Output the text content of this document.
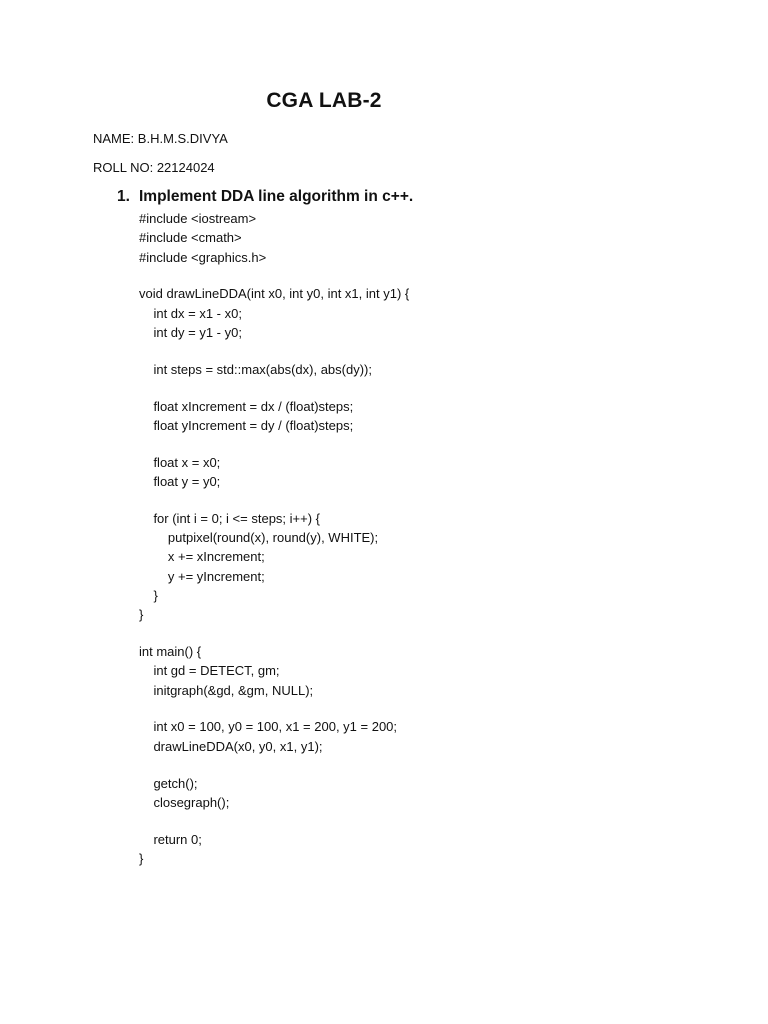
CGA LAB-2
NAME: B.H.M.S.DIVYA
ROLL NO: 22124024
1. Implement DDA line algorithm in c++.
#include <iostream>
#include <cmath>
#include <graphics.h>
void drawLineDDA(int x0, int y0, int x1, int y1) {
int dx = x1 - x0;
int dy = y1 - y0;
int steps = std::max(abs(dx), abs(dy));
float xIncrement = dx / (float)steps;
float yIncrement = dy / (float)steps;
float x = x0;
float y = y0;
for (int i = 0; i <= steps; i++) {
putpixel(round(x), round(y), WHITE);
x += xIncrement;
y += yIncrement;
}
}
int main() {
int gd = DETECT, gm;
initgraph(&gd, &gm, NULL);
int x0 = 100, y0 = 100, x1 = 200, y1 = 200;
drawLineDDA(x0, y0, x1, y1);
getch();
closegraph();
return 0;
}
